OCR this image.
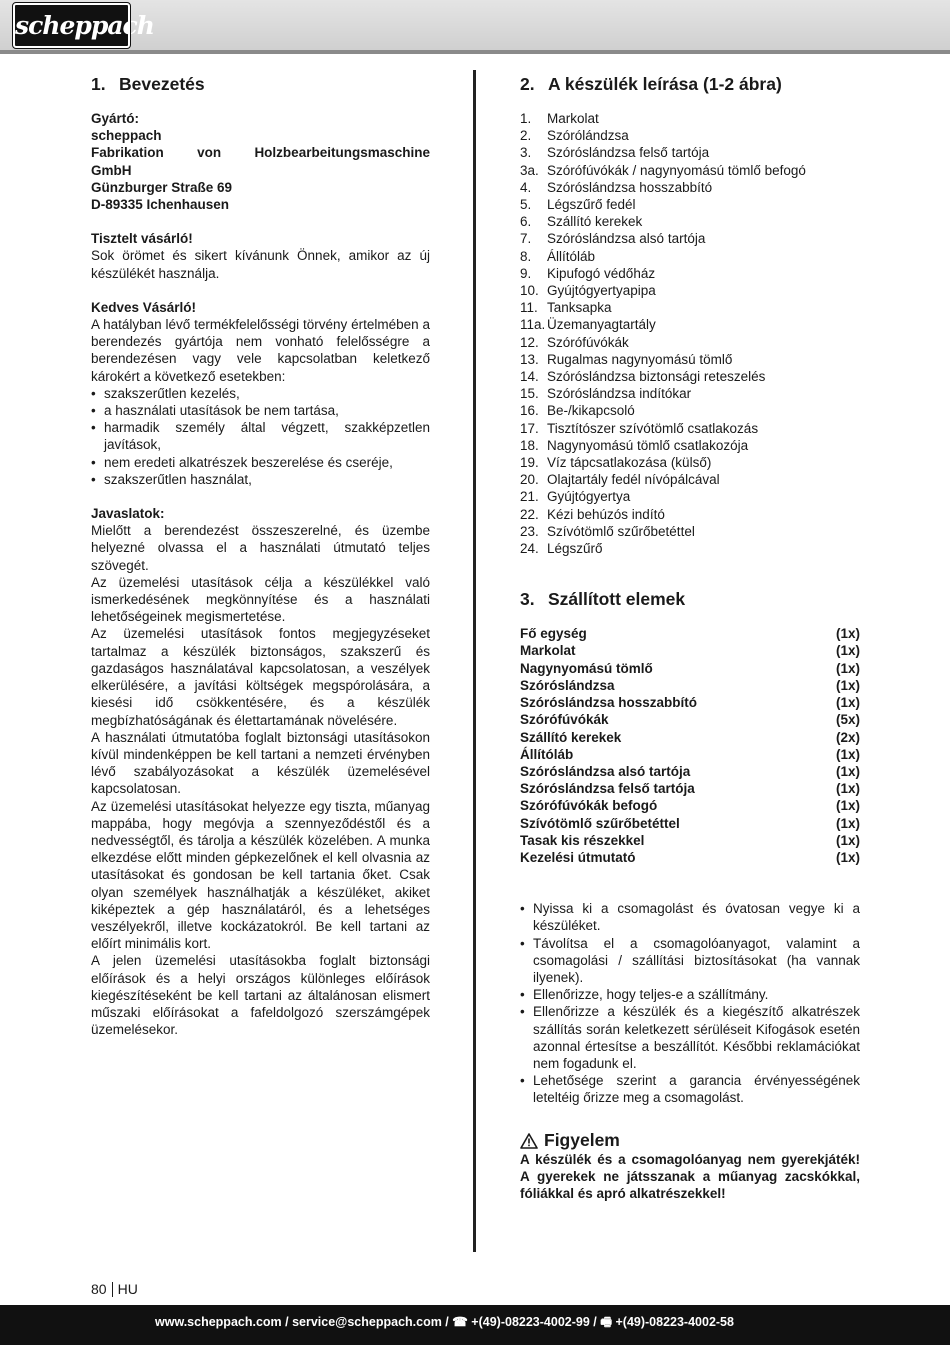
scheppach
1. Bevezetés

Gyártó:

scheppach

Fabrikation von Holzbearbeitungsmaschine

GmbH

Günzburger Straße 69

D-89335 Ichenhausen

Tisztelt vásárló!

Sok örömet és sikert kívánunk Önnek, amikor az új készülékét használja.

Kedves Vásárló!

A hatályban lévő termékfelelősségi törvény értelmében a berendezés gyártója nem vonható felelősségre a berendezésen vagy vele kapcsolatban keletkező károkért a következő esetekben:

• szakszerűtlen kezelés,
• a használati utasítások be nem tartása,
• harmadik személy által végzett, szakképzetlen javítások,
• nem eredeti alkatrészek beszerelése és cseréje,
• szakszerűtlen használat,

Javaslatok:

Mielőtt a berendezést összeszerelné, és üzembe helyezné olvassa el a használati útmutató teljes szövegét.

Az üzemelési utasítások célja a készülékkel való ismerkedésének megkönnyítése és a használati lehetőségeinek megismertetése.

Az üzemelési utasítások fontos megjegyzéseket tartalmaz a készülék biztonságos, szakszerű és gazdaságos használatával kapcsolatosan, a veszélyek elkerülésére, a javítási költségek megspórolására, a kiesési idő csökkentésére, és a készülék megbízhatóságának és élettartamának növelésére.

A használati útmutatóba foglalt biztonsági utasításokon kívül mindenképpen be kell tartani a nemzeti érvényben lévő szabályozásokat a készülék üzemelésével kapcsolatosan.

Az üzemelési utasításokat helyezze egy tiszta, műanyag mappába, hogy megóvja a szennyeződéstől és a nedvességtől, és tárolja a készülék közelében. A munka elkezdése előtt minden gépkezelőnek el kell olvasnia az utasításokat és gondosan be kell tartania őket. Csak olyan személyek használhatják a készüléket, akiket kiképeztek a gép használatáról, és a lehetséges veszélyekről, illetve kockázatokról. Be kell tartani az előírt minimális kort.

A jelen üzemelési utasításokba foglalt biztonsági előírások és a helyi országos különleges előírások kiegészítéseként be kell tartani az általánosan elismert műszaki előírásokat a fafeldolgozó szerszámgépek üzemelésekor.

2. A készülék leírása (1-2 ábra)
1.	Markolat
2.	Szórólándzsa
3.	Szóróslándzsa felső tartója
3a. Szórófúvókák / nagynyomású tömlő befogó
4.	Szóróslándzsa hosszabbító
5.	Légszűrő fedél
6.	Szállító kerekek
7.	Szóróslándzsa alsó tartója
8.	Állítóláb
9.	Kipufogó védőház
10. Gyújtógyertyapipa
11. Tanksapka
11a. Üzemanyagtartály
12. Szórófúvókák
13. Rugalmas nagynyomású tömlő
14. Szóróslándzsa biztonsági reteszelés
15. Szóróslándzsa indítókar
16. Be-/kikapcsoló
17. Tisztítószer szívótömlő csatlakozás
18. Nagynyomású tömlő csatlakozója
19. Víz tápcsatlakozása (külső)
20. Olajtartály fedél nívópálcával
21. Gyújtógyertya
22. Kézi behúzós indító
23. Szívótömlő szűrőbetéttel
24. Légszűrő
3. Szállított elemek
Fő egység	(1x)
Markolat	(1x)
Nagynyomású tömlő	(1x)
Szóróslándzsa	(1x)
Szóróslándzsa hosszabbító	(1x)
Szórófúvókák	(5x)
Szállító kerekek	(2x)
Állítóláb	(1x)
Szóróslándzsa alsó tartója	(1x)
Szóróslándzsa felső tartója	(1x)
Szórófúvókák befogó	(1x)
Szívótömlő szűrőbetéttel	(1x)
Tasak kis részekkel	(1x)
Kezelési útmutató	(1x)
• Nyissa ki a csomagolást és óvatosan vegye ki a készüléket.
• Távolítsa el a csomagolóanyagot, valamint a csomagolási / szállítási biztosításokat (ha vannak ilyenek).
• Ellenőrizze, hogy teljes-e a szállítmány.
• Ellenőrizze a készülék és a kiegészítő alkatrészek szállítás során keletkezett sérüléseit Kifogások esetén azonnal értesítse a beszállítót. Későbbi reklamációkat nem fogadunk el.
• Lehetősége szerint a garancia érvényességének leteltéig őrizze meg a csomagolást.
Figyelem

A készülék és a csomagolóanyag nem gyerekjáték! A gyerekek ne játsszanak a műanyag zacskókkal, fóliákkal és apró alkatrészekkel!

80 HU
www.scheppach.com / service@scheppach.com / ☎ +(49)-08223-4002-99 / 🖷 +(49)-08223-4002-58
